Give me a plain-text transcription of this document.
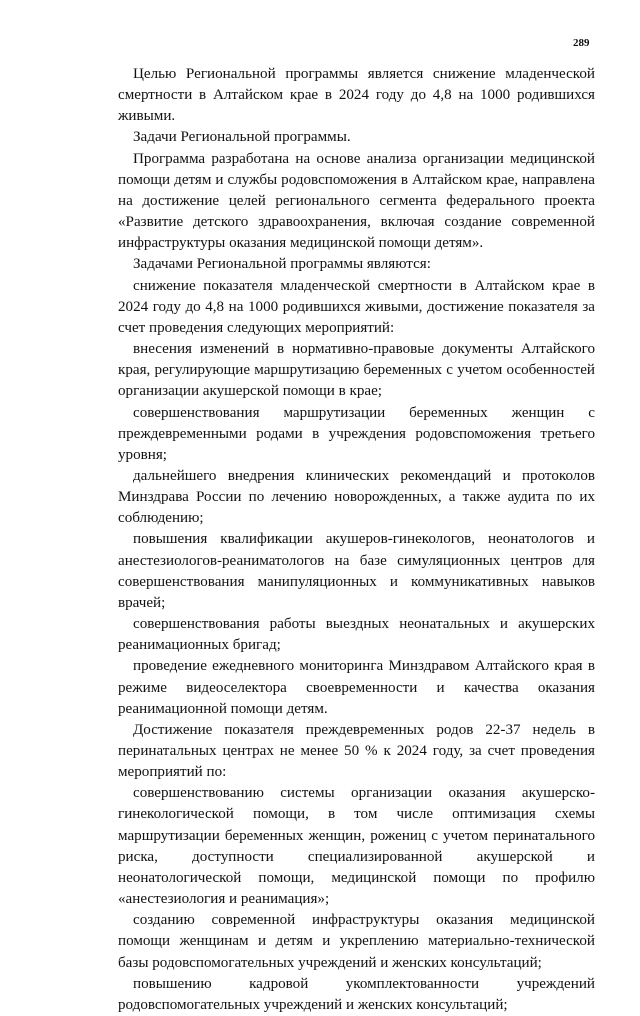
289

Целью Региональной программы является снижение младенческой смертности в Алтайском крае в 2024 году до 4,8 на 1000 родившихся живыми.

Задачи Региональной программы.

Программа разработана на основе анализа организации медицинской помощи детям и службы родовспоможения в Алтайском крае, направлена на достижение целей регионального сегмента федерального проекта «Развитие детского здравоохранения, включая создание современной инфраструктуры оказания медицинской помощи детям».

Задачами Региональной программы являются:

снижение показателя младенческой смертности в Алтайском крае в 2024 году до 4,8 на 1000 родившихся живыми, достижение показателя за счет проведения следующих мероприятий:

внесения изменений в нормативно-правовые документы Алтайского края, регулирующие маршрутизацию беременных с учетом особенностей организации акушерской помощи в крае;

совершенствования маршрутизации беременных женщин с преждевременными родами в учреждения родовспоможения третьего уровня;

дальнейшего внедрения клинических рекомендаций и протоколов Минздрава России по лечению новорожденных, а также аудита по их соблюдению;

повышения квалификации акушеров-гинекологов, неонатологов и анестезиологов-реаниматологов на базе симуляционных центров для совершенствования манипуляционных и коммуникативных навыков врачей;

совершенствования работы выездных неонатальных и акушерских реанимационных бригад;

проведение ежедневного мониторинга Минздравом Алтайского края в режиме видеоселектора своевременности и качества оказания реанимационной помощи детям.

Достижение показателя преждевременных родов 22-37 недель в перинатальных центрах не менее 50 % к 2024 году, за счет проведения мероприятий по:

совершенствованию системы организации оказания акушерско-гинекологической помощи, в том числе оптимизация схемы маршрутизации беременных женщин, рожениц с учетом перинатального риска, доступности специализированной акушерской и неонатологической помощи, медицинской помощи по профилю «анестезиология и реанимация»;

созданию современной инфраструктуры оказания медицинской помощи женщинам и детям и укреплению материально-технической базы родовспомогательных учреждений и женских консультаций;

повышению кадровой укомплектованности учреждений родовспомогательных учреждений и женских консультаций;
